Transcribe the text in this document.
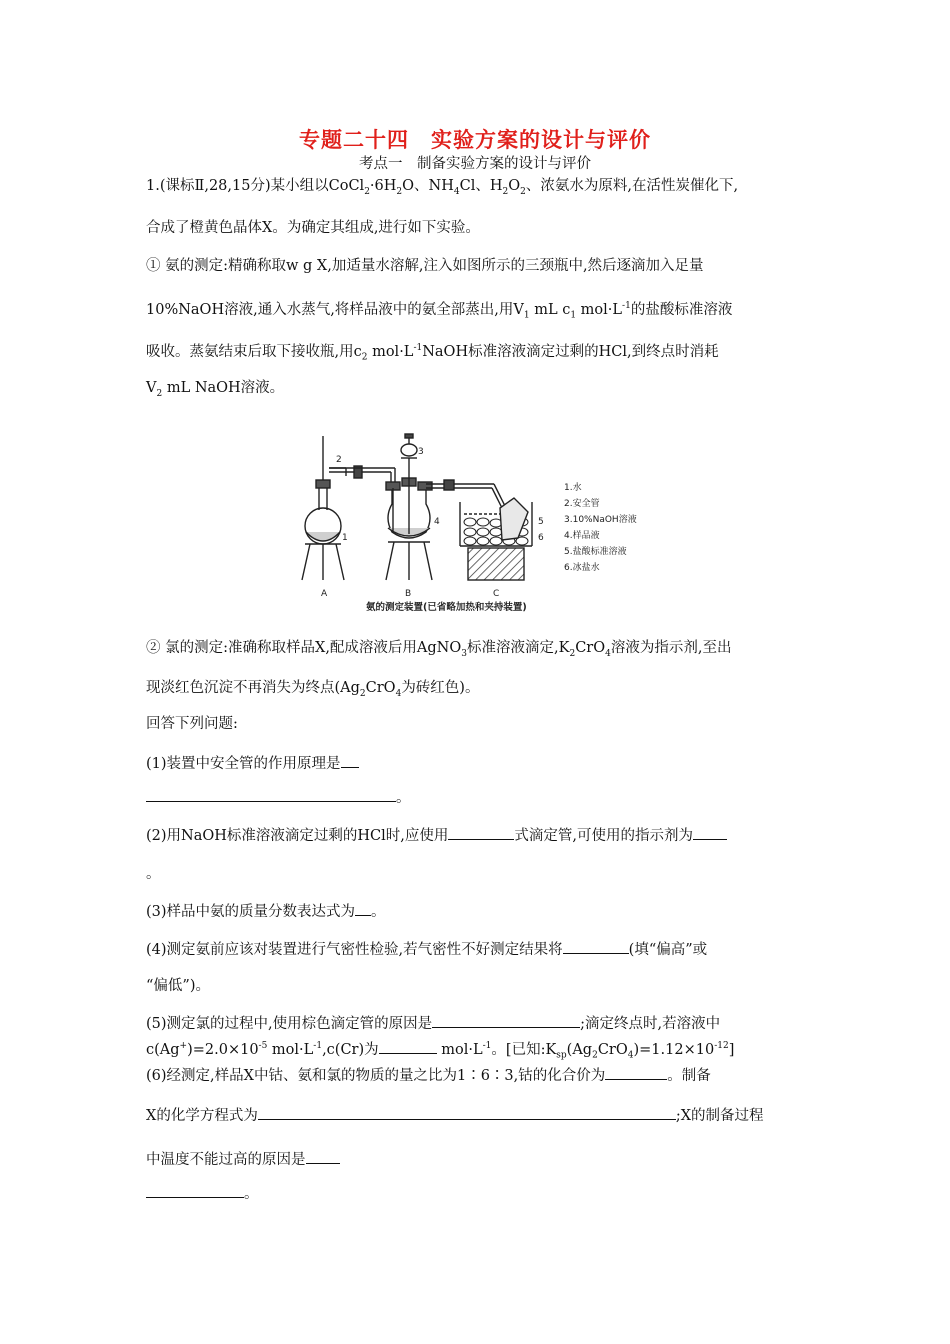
专题二十四　实验方案的设计与评价
考点一　制备实验方案的设计与评价
1.(课标Ⅱ,28,15分)某小组以$CoCl_2\cdot 6H_2O$、$NH_4Cl$、$H_2O_2$、浓氨水为原料,在活性炭催化下,
合成了橙黄色晶体X。为确定其组成,进行如下实验。
① 氨的测定:精确称取w g X,加适量水溶解,注入如图所示的三颈瓶中,然后逐滴加入足量
10%NaOH溶液,通入水蒸气,将样品液中的氨全部蒸出,用$V_1$ mL $c_1$ $mol\cdot L^{-1}$的盐酸标准溶液
吸收。蒸氨结束后取下接收瓶,用$c_2$ $mol\cdot L^{-1}NaOH$标准溶液滴定过剩的HCl,到终点时消耗
$V_2$ mL NaOH溶液。
1
2
3
4	5
6
A	B	C
1.水
2.安全管
3.10%NaOH溶液
4.样品液
5.盐酸标准溶液
6.冰盐水
氨的测定装置(已省略加热和夹持装置)
② 氯的测定:准确称取样品X,配成溶液后用AgNO$_3$标准溶液滴定$,K_2CrO_4$溶液为指示剂,至出
现淡红色沉淀不再消失为终点($Ag_2CrO_4$为砖红色)。
回答下列问题:
(1)装置中安全管的作用原理是
。
(2)用NaOH标准溶液滴定过剩的HCl时,应使用	式滴定管,可使用的指示剂为
。
(3)样品中氨的质量分数表达式为 。
(4)测定氨前应该对装置进行气密性检验,若气密性不好测定结果将	(填“偏高”或
“偏低”)。
(5)测定氯的过程中,使用棕色滴定管的原因是	;滴定终点时,若溶液中
$c(Ag^+)=2.0\times 10^{-5}$ $mol\cdot L^{-1},c(Cr)$为	$mol\cdot L^{-1}$。[已知$:K_{sp}(Ag_2CrO_4)=1.12\times 10^{-12}$]
(6)经测定,样品X中钴、氨和氯的物质的量之比为1∶6∶3,钴的化合价为	。制备
X的化学方程式为	;X的制备过程
中温度不能过高的原因是
。
